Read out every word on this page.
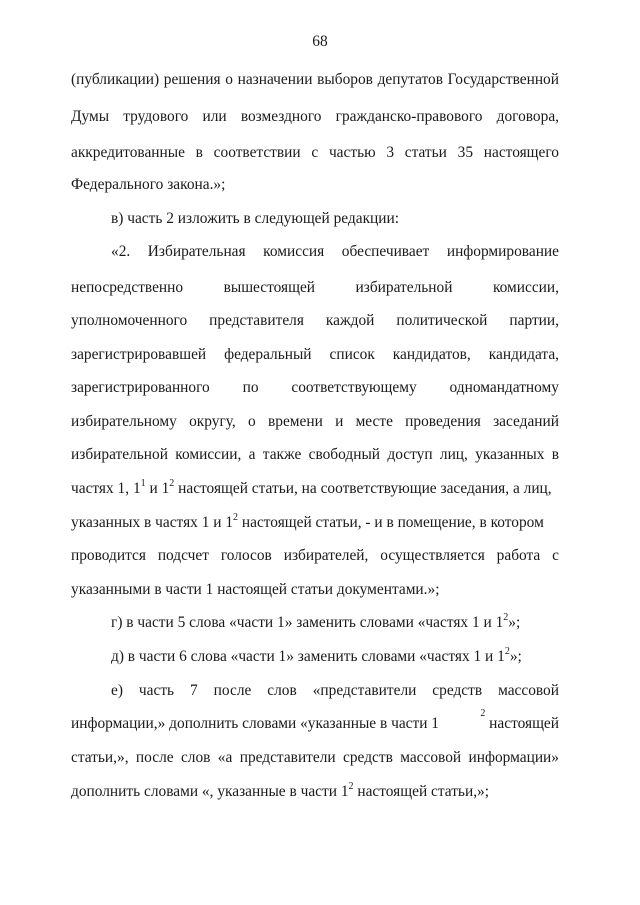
68
(публикации) решения о назначении выборов депутатов Государственной
Думы трудового или возмездного гражданско-правового договора,
аккредитованные в соответствии с частью 3 статьи 35 настоящего
Федерального закона.»;
в) часть 2 изложить в следующей редакции:
«2. Избирательная комиссия обеспечивает информирование
непосредственно вышестоящей избирательной комиссии,
уполномоченного представителя каждой политической партии,
зарегистрировавшей федеральный список кандидатов, кандидата,
зарегистрированного по соответствующему одномандатному
избирательному округу, о времени и месте проведения заседаний
избирательной комиссии, а также свободный доступ лиц, указанных в
частях 1, $1^1$ и $1^2$ настоящей статьи, на соответствующие заседания, а лиц,
указанных в частях 1 и $1^2$ настоящей статьи, - и в помещение, в котором
проводится подсчет голосов избирателей, осуществляется работа с
указанными в части 1 настоящей статьи документами.»;
г) в части 5 слова «части 1» заменить словами «частях 1 и $1^2$»;
д) в части 6 слова «части 1» заменить словами «частях 1 и $1^2$»;
е) часть 7 после слов «представители средств массовой
информации,» дополнить словами «указанные в части 1
2
настоящей
статьи,», после слов «а представители средств массовой информации»
дополнить словами «, указанные в части $1^2$ настоящей статьи,»;
